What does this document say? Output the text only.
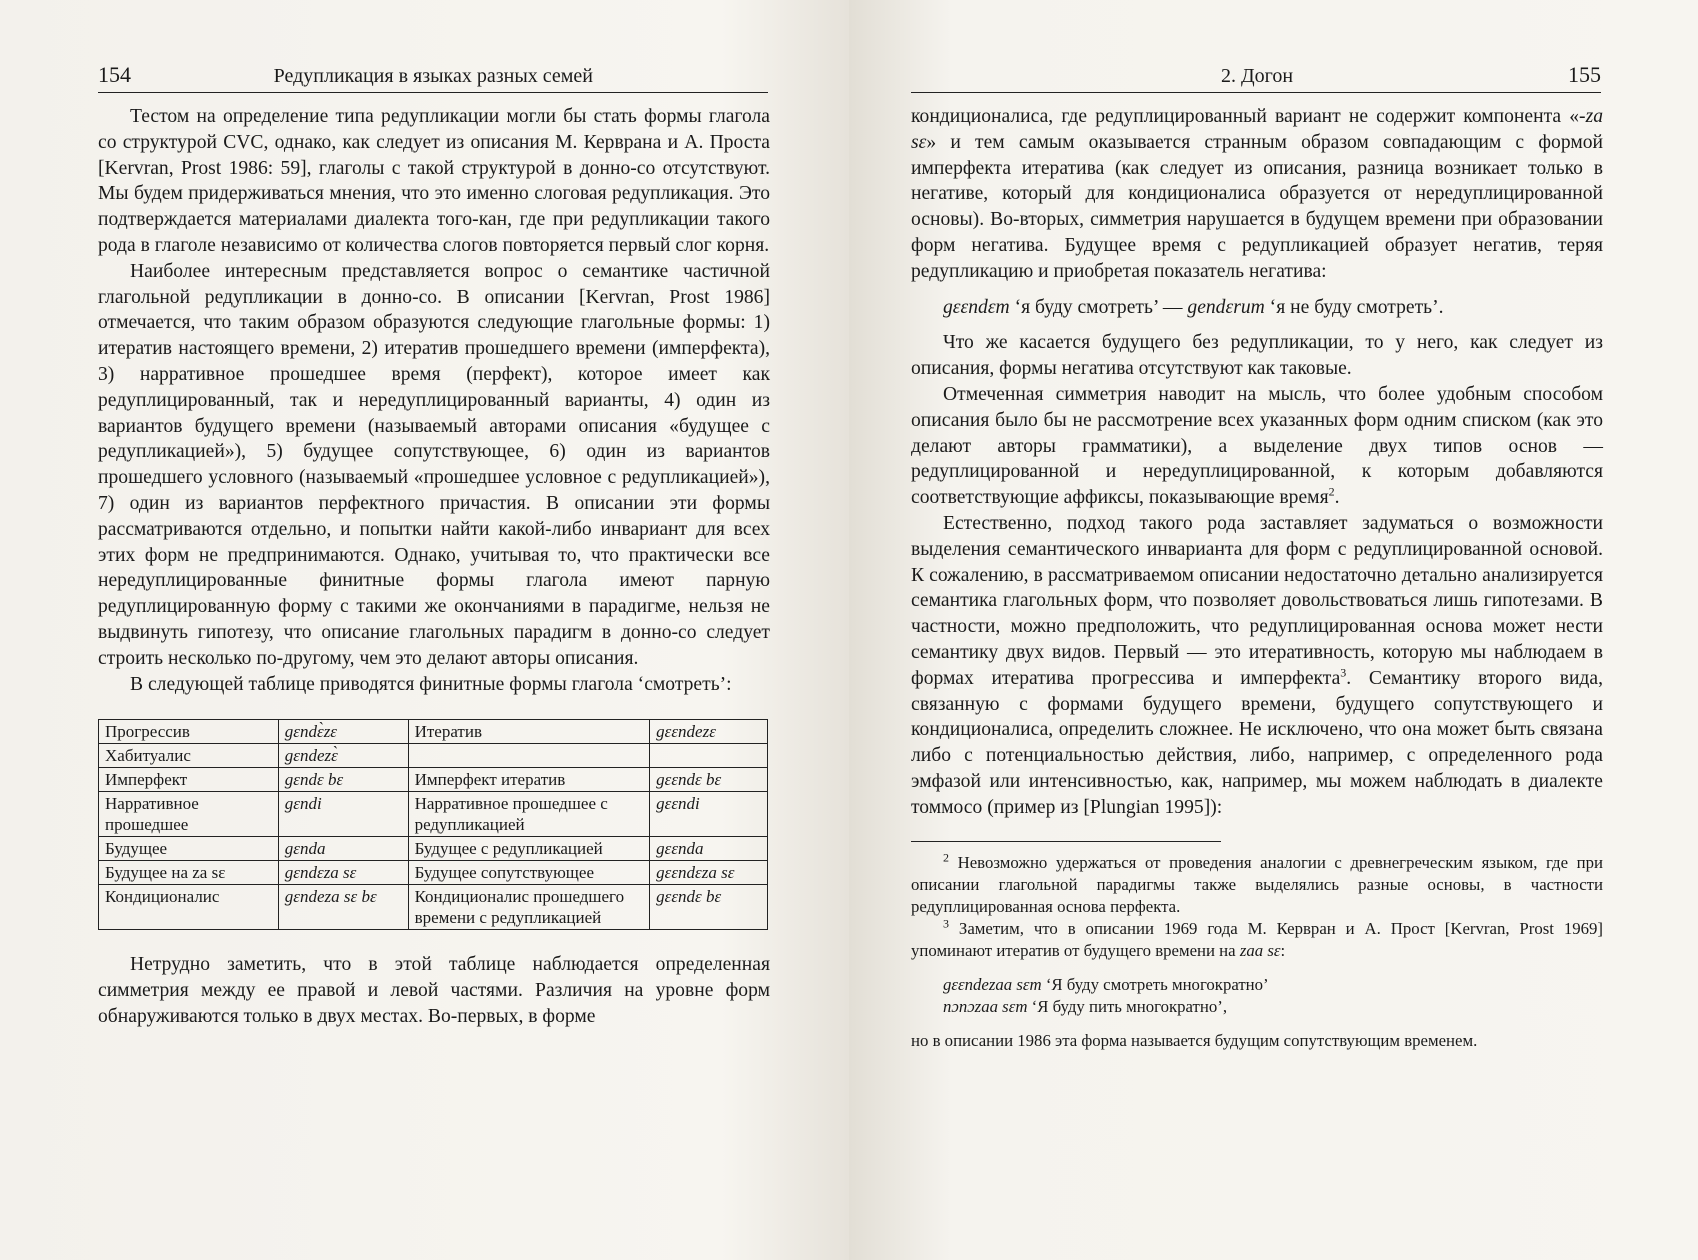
154	Редупликация в языках разных семей

Тестом на определение типа редупликации могли бы стать формы глагола со структурой CVC, однако, как следует из описания М. Керврана и А. Проста [Kervran, Prost 1986: 59], глаголы с такой структурой в донно-со отсутствуют. Мы будем придерживаться мнения, что это именно слоговая редупликация. Это подтверждается материалами диалекта того-кан, где при редупликации такого рода в глаголе независимо от количества слогов повторяется первый слог корня.

Наиболее интересным представляется вопрос о семантике частичной глагольной редупликации в донно-со. В описании [Kervran, Prost 1986] отмечается, что таким образом образуются следующие глагольные формы: 1) итератив настоящего времени, 2) итератив прошедшего времени (имперфекта), 3) нарративное прошедшее время (перфект), которое имеет как редуплицированный, так и нередуплицированный варианты, 4) один из вариантов будущего времени (называемый авторами описания «будущее с редупликацией»), 5) будущее сопутствующее, 6) один из вариантов прошедшего условного (называемый «прошедшее условное с редупликацией»), 7) один из вариантов перфектного причастия. В описании эти формы рассматриваются отдельно, и попытки найти какой-либо инвариант для всех этих форм не предпринимаются. Однако, учитывая то, что практически все нередуплицированные финитные формы глагола имеют парную редуплицированную форму с такими же окончаниями в парадигме, нельзя не выдвинуть гипотезу, что описание глагольных парадигм в донно-со следует строить несколько по-другому, чем это делают авторы описания.

В следующей таблице приводятся финитные формы глагола ‘смотреть’:

Прогрессив	gɛndɛ̀zɛ	Итератив	gɛɛndezɛ
Хабитуалис	gɛndezɛ̀		
Имперфект	gɛndɛ bɛ	Имперфект итератив	gɛɛndɛ bɛ
Нарративное прошедшее	gɛndi	Нарративное прошедшее с редупликацией	gɛɛndi
Будущее	gɛnda	Будущее с редупликацией	gɛɛnda
Будущее на za sɛ	gɛndɛza sɛ	Будущее сопутствующее	gɛɛndɛza sɛ
Кондиционалис	gɛndeza sɛ bɛ	Кондиционалис прошедшего времени с редупликацией	gɛɛndɛ bɛ

Нетрудно заметить, что в этой таблице наблюдается определенная симметрия между ее правой и левой частями. Различия на уровне форм обнаруживаются только в двух местах. Во-первых, в форме

2. Догон	155

кондиционалиса, где редуплицированный вариант не содержит компонента «-za sɛ» и тем самым оказывается странным образом совпадающим с формой имперфекта итератива (как следует из описания, разница возникает только в негативе, который для кондиционалиса образуется от нередуплицированной основы). Во-вторых, симметрия нарушается в будущем времени при образовании форм негатива. Будущее время с редупликацией образует негатив, теряя редупликацию и приобретая показатель негатива:

gɛɛndɛm ‘я буду смотреть’ — gendɛrum ‘я не буду смотреть’.

Что же касается будущего без редупликации, то у него, как следует из описания, формы негатива отсутствуют как таковые.

Отмеченная симметрия наводит на мысль, что более удобным способом описания было бы не рассмотрение всех указанных форм одним списком (как это делают авторы грамматики), а выделение двух типов основ — редуплицированной и нередуплицированной, к которым добавляются соответствующие аффиксы, показывающие время$^2$.

Естественно, подход такого рода заставляет задуматься о возможности выделения семантического инварианта для форм с редуплицированной основой. К сожалению, в рассматриваемом описании недостаточно детально анализируется семантика глагольных форм, что позволяет довольствоваться лишь гипотезами. В частности, можно предположить, что редуплицированная основа может нести семантику двух видов. Первый — это итеративность, которую мы наблюдаем в формах итератива прогрессива и имперфекта$^3$. Семантику второго вида, связанную с формами будущего времени, будущего сопутствующего и кондиционалиса, определить сложнее. Не исключено, что она может быть связана либо с потенциальностью действия, либо, например, с определенного рода эмфазой или интенсивностью, как, например, мы можем наблюдать в диалекте томмосо (пример из [Plungian 1995]):

$^2$ Невозможно удержаться от проведения аналогии с древнегреческим языком, где при описании глагольной парадигмы также выделялись разные основы, в частности редуплицированная основа перфекта.

$^3$ Заметим, что в описании 1969 года М. Кервран и А. Прост [Kervran, Prost 1969] упоминают итератив от будущего времени на zaa sɛ:

gɛɛndezaa sɛm ‘Я буду смотреть многократно’
nɔnɔzaa sɛm ‘Я буду пить многократно’,

но в описании 1986 эта форма называется будущим сопутствующим временем.
